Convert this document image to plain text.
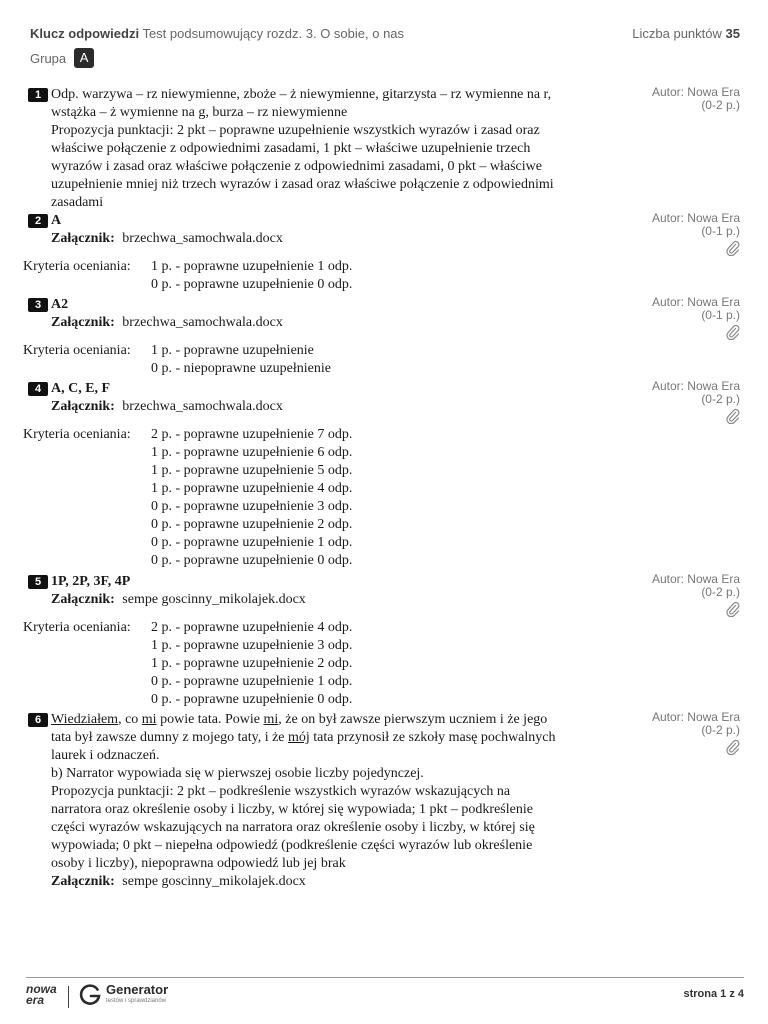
Klucz odpowiedzi Test podsumowujący rozdz. 3. O sobie, o nas	Liczba punktów 35
Grupa	A
1 Odp. warzywa – rz niewymienne, zboże – ż niewymienne, gitarzysta – rz wymienne na r,
wstążka – ż wymienne na g, burza – rz niewymienne
Propozycja punktacji: 2 pkt – poprawne uzupełnienie wszystkich wyrazów i zasad oraz
właściwe połączenie z odpowiednimi zasadami, 1 pkt – właściwe uzupełnienie trzech
wyrazów i zasad oraz właściwe połączenie z odpowiednimi zasadami, 0 pkt – właściwe
uzupełnienie mniej niż trzech wyrazów i zasad oraz właściwe połączenie z odpowiednimi
zasadami
Autor: Nowa Era
(0-2 p.)
2 A
Załącznik: brzechwa_samochwala.docx
Kryteria oceniania:	1 p. - poprawne uzupełnienie 1 odp.
0 p. - poprawne uzupełnienie 0 odp.
Autor: Nowa Era
(0-1 p.)
3 A2
Załącznik: brzechwa_samochwala.docx
Kryteria oceniania:	1 p. - poprawne uzupełnienie
0 p. - niepoprawne uzupełnienie
Autor: Nowa Era
(0-1 p.)
4 A, C, E, F
Załącznik: brzechwa_samochwala.docx
Kryteria oceniania:	2 p. - poprawne uzupełnienie 7 odp.
1 p. - poprawne uzupełnienie 6 odp.
1 p. - poprawne uzupełnienie 5 odp.
1 p. - poprawne uzupełnienie 4 odp.
0 p. - poprawne uzupełnienie 3 odp.
0 p. - poprawne uzupełnienie 2 odp.
0 p. - poprawne uzupełnienie 1 odp.
0 p. - poprawne uzupełnienie 0 odp.
Autor: Nowa Era
(0-2 p.)
5 1P, 2P, 3F, 4P
Załącznik: sempe goscinny_mikolajek.docx
Kryteria oceniania:	2 p. - poprawne uzupełnienie 4 odp.
1 p. - poprawne uzupełnienie 3 odp.
1 p. - poprawne uzupełnienie 2 odp.
0 p. - poprawne uzupełnienie 1 odp.
0 p. - poprawne uzupełnienie 0 odp.
Autor: Nowa Era
(0-2 p.)
6 Wiedziałem, co mi powie tata. Powie mi, że on był zawsze pierwszym uczniem i że jego
tata był zawsze dumny z mojego taty, i że mój tata przynosił ze szkoły masę pochwalnych
laurek i odznaczeń.
b) Narrator wypowiada się w pierwszej osobie liczby pojedynczej.
Propozycja punktacji: 2 pkt – podkreślenie wszystkich wyrazów wskazujących na
narratora oraz określenie osoby i liczby, w której się wypowiada; 1 pkt – podkreślenie
części wyrazów wskazujących na narratora oraz określenie osoby i liczby, w której się
wypowiada; 0 pkt – niepełna odpowiedź (podkreślenie części wyrazów lub określenie
osoby i liczby), niepoprawna odpowiedź lub jej brak
Załącznik: sempe goscinny_mikolajek.docx
Autor: Nowa Era
(0-2 p.)
nowa
era
Generator
testów i sprawdzianów
strona 1 z 4
